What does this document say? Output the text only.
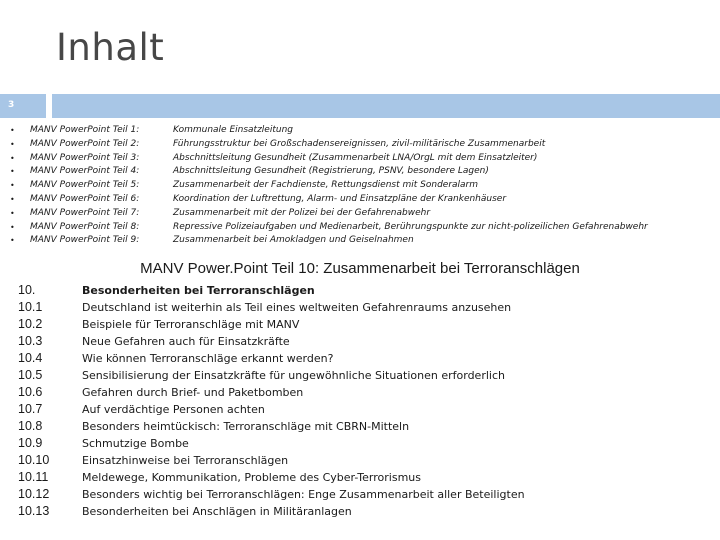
Inhalt
3
•	MANV PowerPoint Teil 1:	Kommunale Einsatzleitung
•	MANV PowerPoint Teil 2:	Führungsstruktur bei Großschadensereignissen, zivil-militärische Zusammenarbeit
•	MANV PowerPoint Teil 3:	Abschnittsleitung Gesundheit (Zusammenarbeit LNA/OrgL mit dem Einsatzleiter)
•	MANV PowerPoint Teil 4:	Abschnittsleitung Gesundheit (Registrierung, PSNV, besondere Lagen)
•	MANV PowerPoint Teil 5:	Zusammenarbeit der Fachdienste, Rettungsdienst mit Sonderalarm
•	MANV PowerPoint Teil 6:	Koordination der Luftrettung, Alarm- und Einsatzpläne der Krankenhäuser
•	MANV PowerPoint Teil 7:	Zusammenarbeit mit der Polizei bei der Gefahrenabwehr
•	MANV PowerPoint Teil 8:	Repressive Polizeiaufgaben und Medienarbeit, Berührungspunkte zur nicht-polizeilichen Gefahrenabwehr
•	MANV PowerPoint Teil 9:	Zusammenarbeit bei Amokladgen und Geiselnahmen
MANV Power.Point Teil 10: Zusammenarbeit bei Terroranschlägen
10.	Besonderheiten bei Terroranschlägen
10.1	Deutschland ist weiterhin als Teil eines weltweiten Gefahrenraums anzusehen
10.2	Beispiele für Terroranschläge mit MANV
10.3	Neue Gefahren auch für Einsatzkräfte
10.4	Wie können Terroranschläge erkannt werden?
10.5	Sensibilisierung der Einsatzkräfte für ungewöhnliche Situationen erforderlich
10.6	Gefahren durch Brief- und Paketbomben
10.7	Auf verdächtige Personen achten
10.8	Besonders heimtückisch: Terroranschläge mit CBRN-Mitteln
10.9	Schmutzige Bombe
10.10	Einsatzhinweise bei Terroranschlägen
10.11	Meldewege, Kommunikation, Probleme des Cyber-Terrorismus
10.12	Besonders wichtig bei Terroranschlägen: Enge Zusammenarbeit aller Beteiligten
10.13	Besonderheiten bei Anschlägen in Militäranlagen
